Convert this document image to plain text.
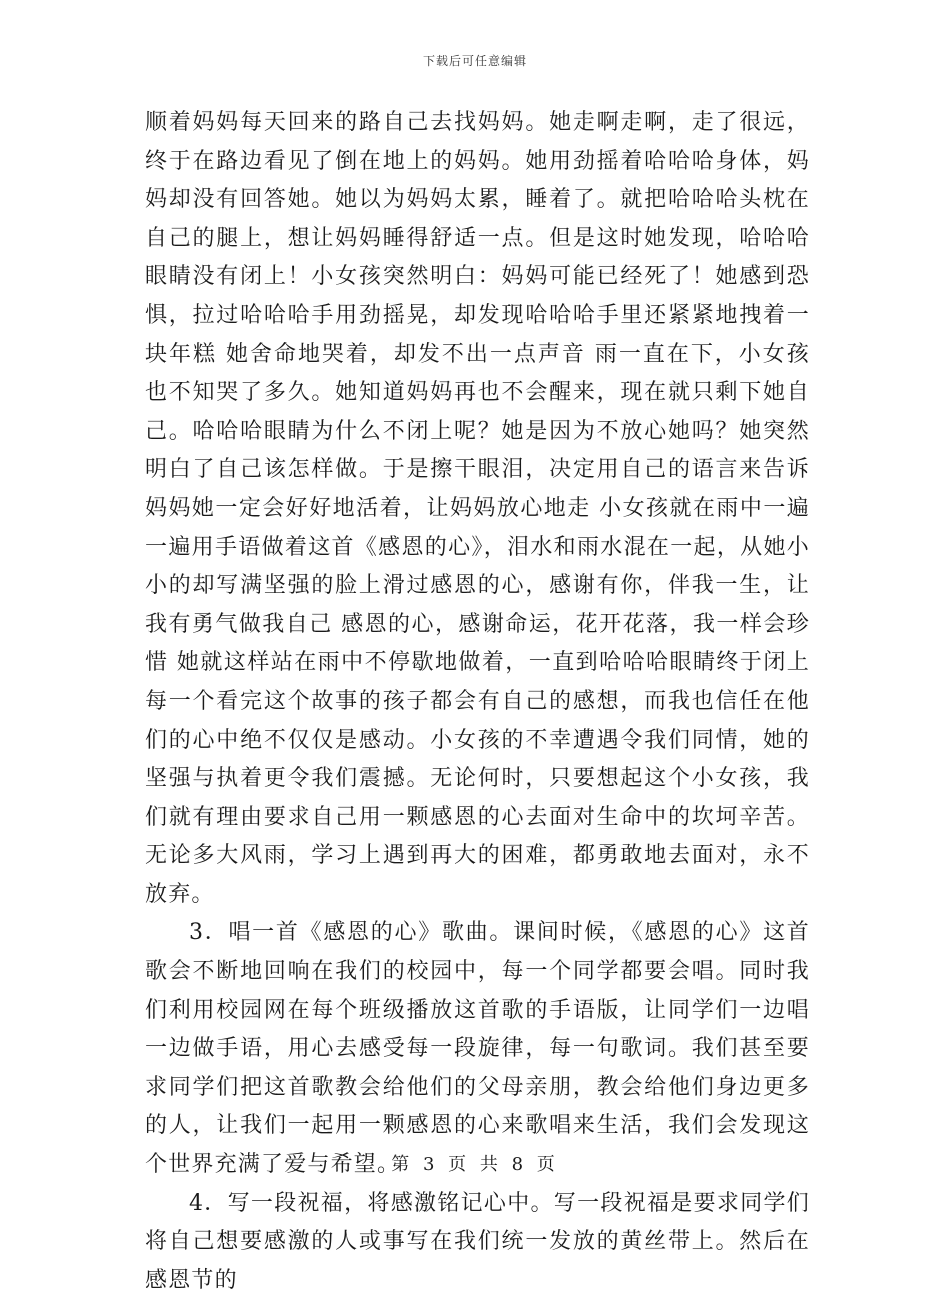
下载后可任意编辑

顺着妈妈每天回来的路自己去找妈妈。她走啊走啊，走了很远，终于在路边看见了倒在地上的妈妈。她用劲摇着哈哈哈身体，妈妈却没有回答她。她以为妈妈太累，睡着了。就把哈哈哈头枕在自己的腿上，想让妈妈睡得舒适一点。但是这时她发现，哈哈哈眼睛没有闭上！小女孩突然明白：妈妈可能已经死了！她感到恐惧，拉过哈哈哈手用劲摇晃，却发现哈哈哈手里还紧紧地拽着一块年糕 她舍命地哭着，却发不出一点声音 雨一直在下，小女孩也不知哭了多久。她知道妈妈再也不会醒来，现在就只剩下她自己。哈哈哈眼睛为什么不闭上呢？她是因为不放心她吗？她突然明白了自己该怎样做。于是擦干眼泪，决定用自己的语言来告诉妈妈她一定会好好地活着，让妈妈放心地走 小女孩就在雨中一遍一遍用手语做着这首《感恩的心》，泪水和雨水混在一起，从她小小的却写满坚强的脸上滑过感恩的心，感谢有你，伴我一生，让我有勇气做我自己 感恩的心，感谢命运，花开花落，我一样会珍惜 她就这样站在雨中不停歇地做着，一直到哈哈哈眼睛终于闭上每一个看完这个故事的孩子都会有自己的感想，而我也信任在他们的心中绝不仅仅是感动。小女孩的不幸遭遇令我们同情，她的坚强与执着更令我们震撼。无论何时，只要想起这个小女孩，我们就有理由要求自己用一颗感恩的心去面对生命中的坎坷辛苦。无论多大风雨，学习上遇到再大的困难，都勇敢地去面对，永不放弃。

3．唱一首《感恩的心》歌曲。课间时候，《感恩的心》这首歌会不断地回响在我们的校园中，每一个同学都要会唱。同时我们利用校园网在每个班级播放这首歌的手语版，让同学们一边唱一边做手语，用心去感受每一段旋律，每一句歌词。我们甚至要求同学们把这首歌教会给他们的父母亲朋，教会给他们身边更多的人，让我们一起用一颗感恩的心来歌唱来生活，我们会发现这个世界充满了爱与希望。

4．写一段祝福，将感激铭记心中。写一段祝福是要求同学们将自己想要感激的人或事写在我们统一发放的黄丝带上。然后在感恩节的

第 3 页 共 8 页
